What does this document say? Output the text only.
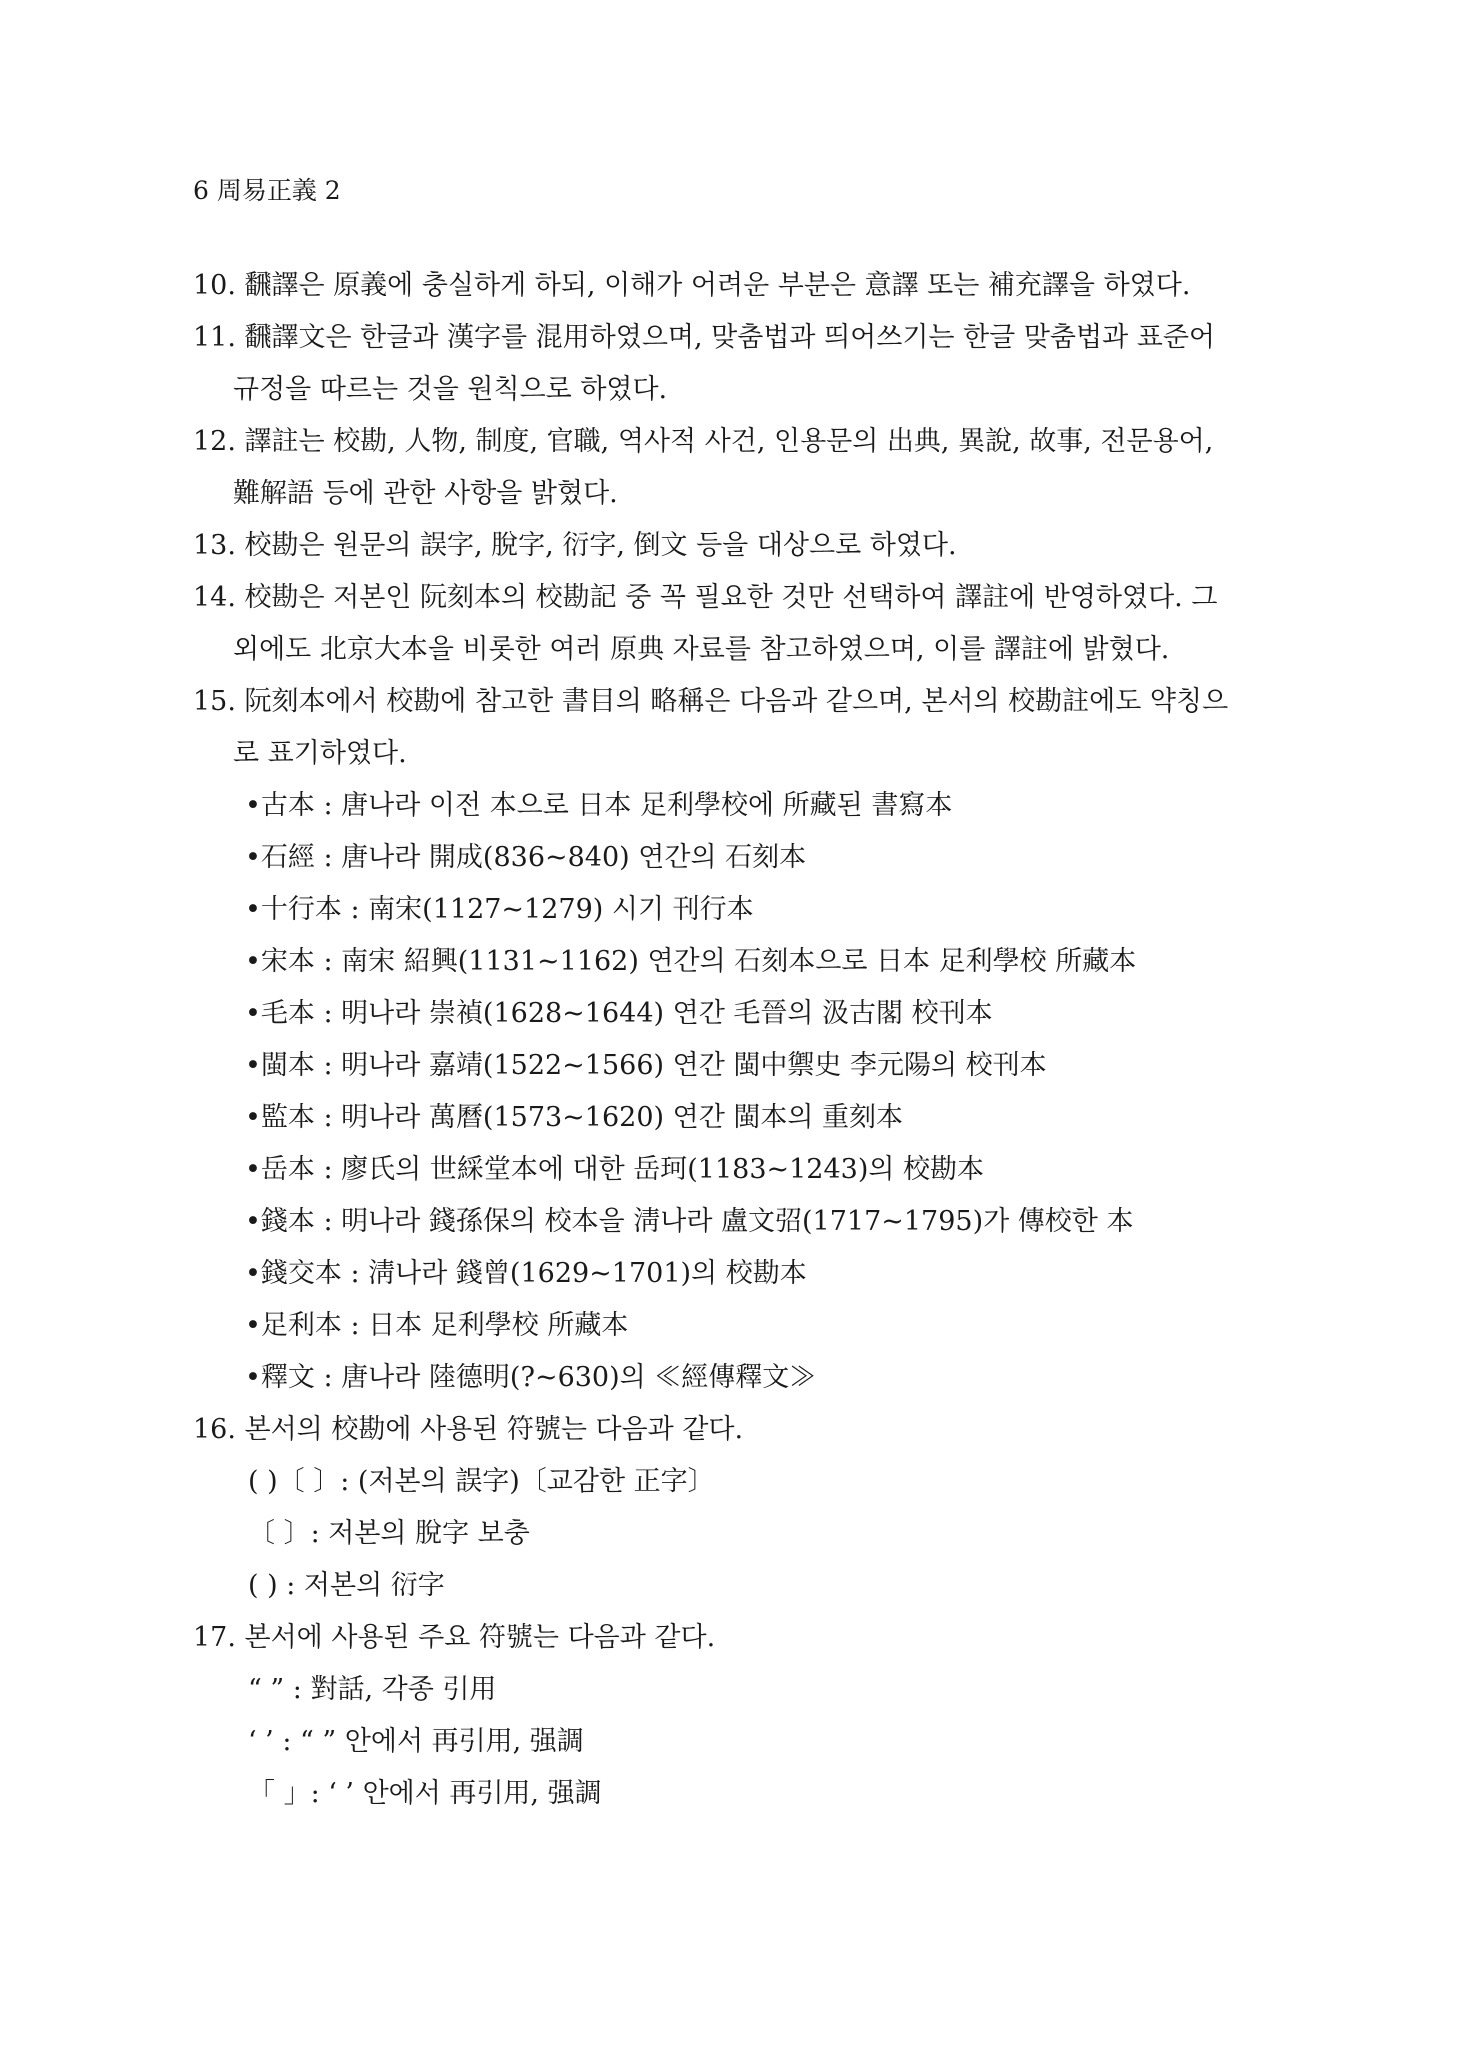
6 周易正義 2
10. 飜譯은 原義에 충실하게 하되, 이해가 어려운 부분은 意譯 또는 補充譯을 하였다.
11. 飜譯文은 한글과 漢字를 混用하였으며, 맞춤법과 띄어쓰기는 한글 맞춤법과 표준어
규정을 따르는 것을 원칙으로 하였다.
12. 譯註는 校勘, 人物, 制度, 官職, 역사적 사건, 인용문의 出典, 異說, 故事, 전문용어,
難解語 등에 관한 사항을 밝혔다.
13. 校勘은 원문의 誤字, 脫字, 衍字, 倒文 등을 대상으로 하였다.
14. 校勘은 저본인 阮刻本의 校勘記 중 꼭 필요한 것만 선택하여 譯註에 반영하였다. 그
외에도 北京大本을 비롯한 여러 原典 자료를 참고하였으며, 이를 譯註에 밝혔다.
15. 阮刻本에서 校勘에 참고한 書目의 略稱은 다음과 같으며, 본서의 校勘註에도 약칭으
로 표기하였다.
•古本 : 唐나라 이전 本으로 日本 足利學校에 所藏된 書寫本
•石經 : 唐나라 開成(836~840) 연간의 石刻本
•十行本 : 南宋(1127~1279) 시기 刊行本
•宋本 : 南宋 紹興(1131~1162) 연간의 石刻本으로 日本 足利學校 所藏本
•毛本 : 明나라 崇禎(1628~1644) 연간 毛晉의 汲古閣 校刊本
•閩本 : 明나라 嘉靖(1522~1566) 연간 閩中禦史 李元陽의 校刊本
•監本 : 明나라 萬曆(1573~1620) 연간 閩本의 重刻本
•岳本 : 廖氏의 世綵堂本에 대한 岳珂(1183~1243)의 校勘本
•錢本 : 明나라 錢孫保의 校本을 淸나라 盧文弨(1717~1795)가 傳校한 本
•錢交本 : 淸나라 錢曾(1629~1701)의 校勘本
•足利本 : 日本 足利學校 所藏本
•釋文 : 唐나라 陸德明(?~630)의 ≪經傳釋文≫
16. 본서의 校勘에 사용된 符號는 다음과 같다.
( )〔 〕: (저본의 誤字)〔교감한 正字〕
〔 〕: 저본의 脫字 보충
( ) : 저본의 衍字
17. 본서에 사용된 주요 符號는 다음과 같다.
“ ” : 對話, 각종 引用
‘ ’ : “ ” 안에서 再引用, 强調
「 」: ‘ ’ 안에서 再引用, 强調
